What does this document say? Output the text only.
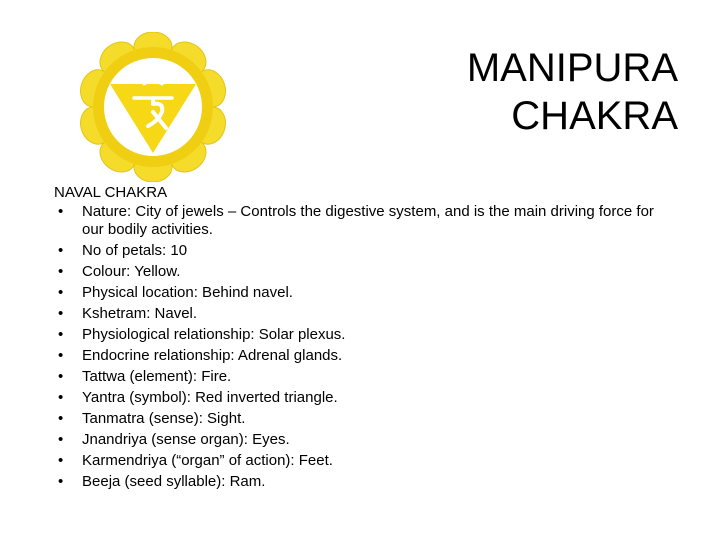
MANIPURA
CHAKRA
NAVAL CHAKRA
•	Nature: City of jewels – Controls the digestive system, and is the main driving force for our bodily activities.
•	No of petals: 10
•	Colour: Yellow.
•	Physical location: Behind navel.
•	Kshetram: Navel.
•	Physiological relationship: Solar plexus.
•	Endocrine relationship: Adrenal glands.
•	Tattwa (element): Fire.
•	Yantra (symbol): Red inverted triangle.
•	Tanmatra (sense): Sight.
•	Jnandriya (sense organ): Eyes.
•	Karmendriya (“organ” of action): Feet.
•	Beeja (seed syllable): Ram.
